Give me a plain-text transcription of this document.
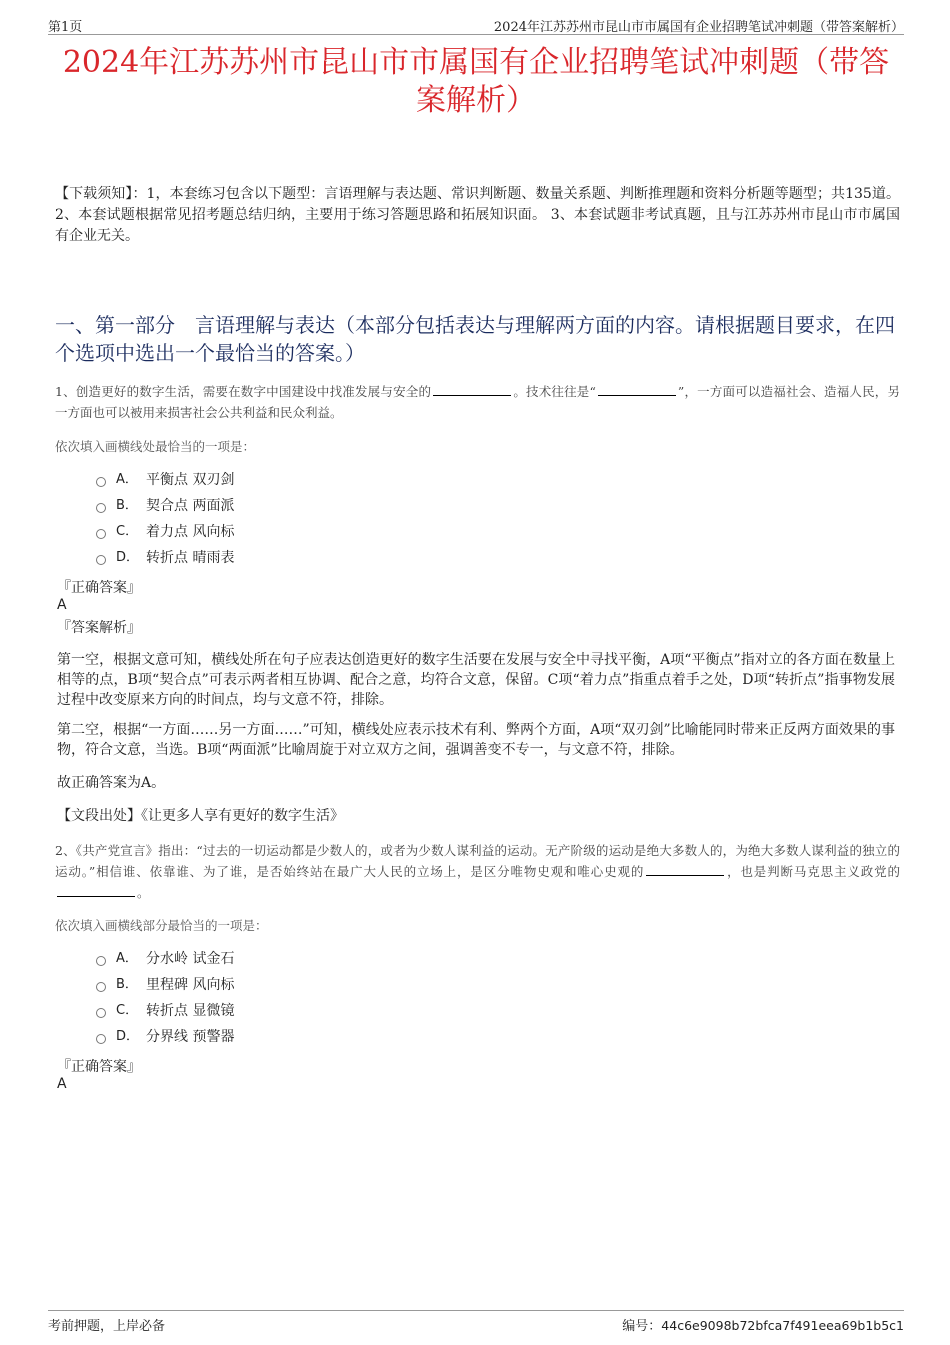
第1页	2024年江苏苏州市昆山市市属国有企业招聘笔试冲刺题（带答案解析）
2024年江苏苏州市昆山市市属国有企业招聘笔试冲刺题（带答
案解析）
【下载须知】：1，本套练习包含以下题型：言语理解与表达题、常识判断题、数量关系题、判断推理题和资料分析题等题型；共135道。 2、本套试题根据常见招考题总结归纳，主要用于练习答题思路和拓展知识面。 3、本套试题非考试真题，且与江苏苏州市昆山市市属国有企业无关。
一、第一部分　言语理解与表达（本部分包括表达与理解两方面的内容。请根据题目要求，在四个选项中选出一个最恰当的答案。）
1、创造更好的数字生活，需要在数字中国建设中找准发展与安全的	。技术往往是“	”，一方面可以造福社会、造福人民，另一方面也可以被用来损害社会公共利益和民众利益。
依次填入画横线处最恰当的一项是：
A． 平衡点 双刃剑
B． 契合点 两面派
C． 着力点 风向标
D． 转折点 晴雨表
『正确答案』
A
『答案解析』
第一空，根据文意可知，横线处所在句子应表达创造更好的数字生活要在发展与安全中寻找平衡，A项“平衡点”指对立的各方面在数量上相等的点，B项“契合点”可表示两者相互协调、配合之意，均符合文意，保留。C项“着力点”指重点着手之处，D项“转折点”指事物发展过程中改变原来方向的时间点，均与文意不符，排除。
第二空，根据“一方面……另一方面……”可知，横线处应表示技术有利、弊两个方面，A项“双刃剑”比喻能同时带来正反两方面效果的事物，符合文意，当选。B项“两面派”比喻周旋于对立双方之间，强调善变不专一，与文意不符，排除。
故正确答案为A。
【文段出处】《让更多人享有更好的数字生活》
2、《共产党宣言》指出：“过去的一切运动都是少数人的，或者为少数人谋利益的运动。无产阶级的运动是绝大多数人的，为绝大多数人谋利益的独立的运动。”相信谁、依靠谁、为了谁，是否始终站在最广大人民的立场上，是区分唯物史观和唯心史观的	，也是判断马克思主义政党的。
依次填入画横线部分最恰当的一项是：
A． 分水岭 试金石
B． 里程碑 风向标
C． 转折点 显微镜
D． 分界线 预警器
『正确答案』
A
考前押题，上岸必备	编号：44c6e9098b72bfca7f491eea69b1b5c1
